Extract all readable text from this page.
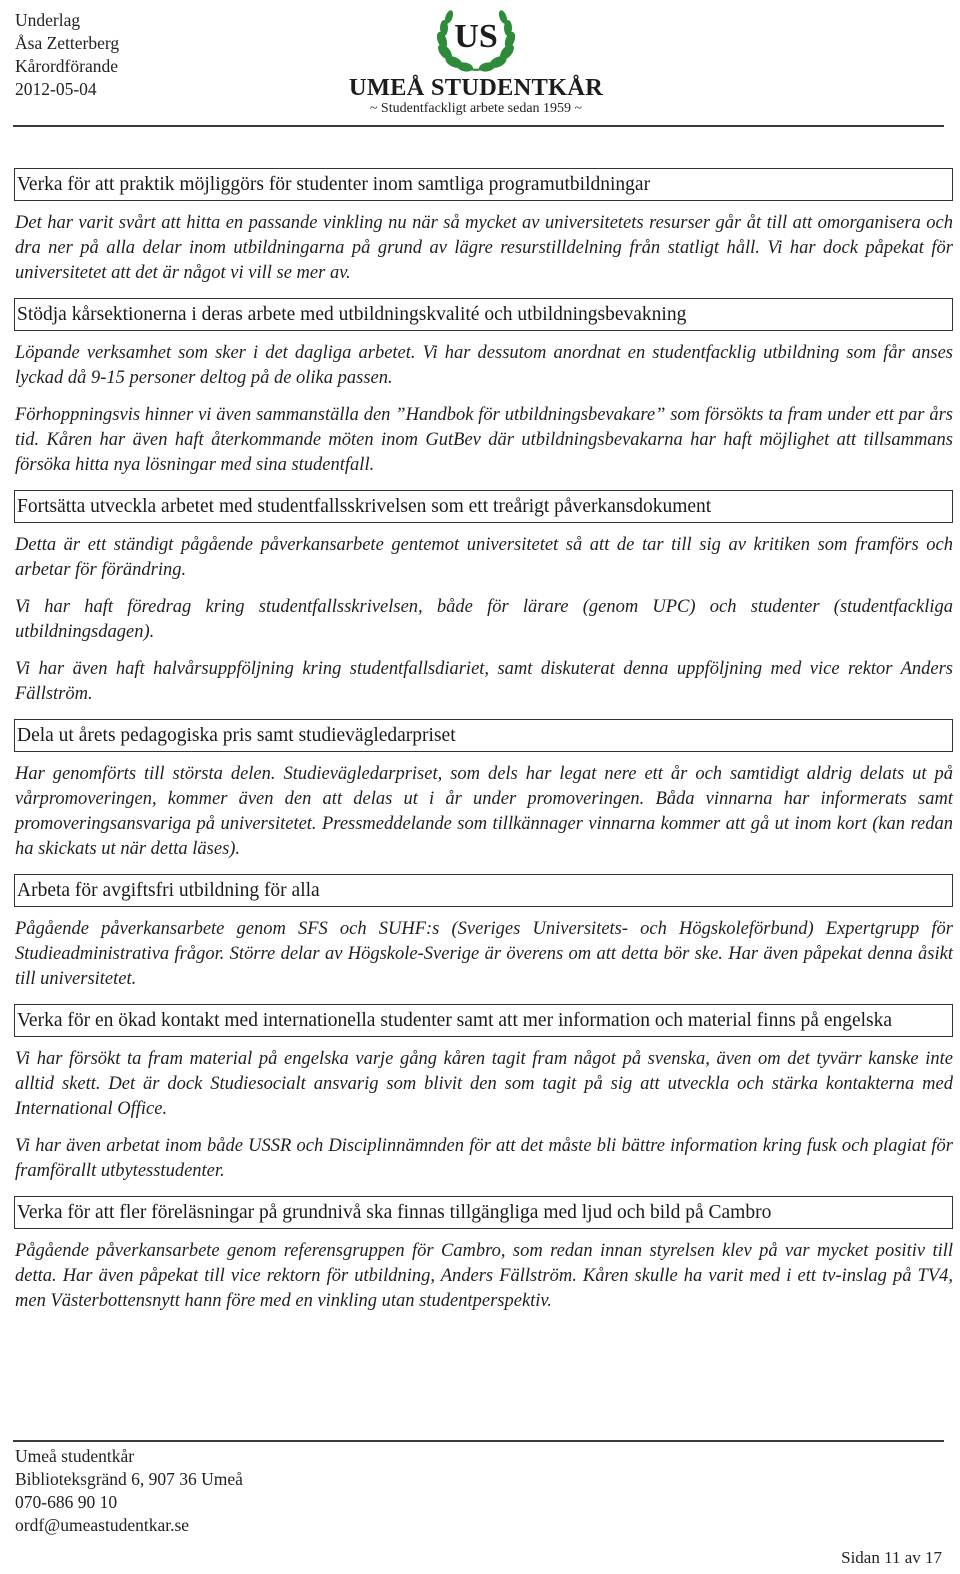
Underlag
Åsa Zetterberg
Kårordförande
2012-05-04
US
UMEÅ STUDENTKÅR
~ Studentfackligt arbete sedan 1959 ~
Verka för att praktik möjliggörs för studenter inom samtliga programutbildningar

Det har varit svårt att hitta en passande vinkling nu när så mycket av universitetets resurser går åt till att omorganisera och dra ner på alla delar inom utbildningarna på grund av lägre resurstilldelning från statligt håll. Vi har dock påpekat för universitetet att det är något vi vill se mer av.

Stödja kårsektionerna i deras arbete med utbildningskvalité och utbildningsbevakning

Löpande verksamhet som sker i det dagliga arbetet. Vi har dessutom anordnat en studentfacklig utbildning som får anses lyckad då 9-15 personer deltog på de olika passen.

Förhoppningsvis hinner vi även sammanställa den ”Handbok för utbildningsbevakare” som försökts ta fram under ett par års tid. Kåren har även haft återkommande möten inom GutBev där utbildningsbevakarna har haft möjlighet att tillsammans försöka hitta nya lösningar med sina studentfall.

Fortsätta utveckla arbetet med studentfallsskrivelsen som ett treårigt påverkansdokument

Detta är ett ständigt pågående påverkansarbete gentemot universitetet så att de tar till sig av kritiken som framförs och arbetar för förändring.

Vi har haft föredrag kring studentfallsskrivelsen, både för lärare (genom UPC) och studenter (studentfackliga utbildningsdagen).

Vi har även haft halvårsuppföljning kring studentfallsdiariet, samt diskuterat denna uppföljning med vice rektor Anders Fällström.

Dela ut årets pedagogiska pris samt studievägledarpriset

Har genomförts till största delen. Studievägledarpriset, som dels har legat nere ett år och samtidigt aldrig delats ut på vårpromoveringen, kommer även den att delas ut i år under promoveringen. Båda vinnarna har informerats samt promoveringsansvariga på universitetet. Pressmeddelande som tillkännager vinnarna kommer att gå ut inom kort (kan redan ha skickats ut när detta läses).

Arbeta för avgiftsfri utbildning för alla

Pågående påverkansarbete genom SFS och SUHF:s (Sveriges Universitets- och Högskoleförbund) Expertgrupp för Studieadministrativa frågor. Större delar av Högskole-Sverige är överens om att detta bör ske. Har även påpekat denna åsikt till universitetet.

Verka för en ökad kontakt med internationella studenter samt att mer information och material finns på engelska

Vi har försökt ta fram material på engelska varje gång kåren tagit fram något på svenska, även om det tyvärr kanske inte alltid skett. Det är dock Studiesocialt ansvarig som blivit den som tagit på sig att utveckla och stärka kontakterna med International Office.

Vi har även arbetat inom både USSR och Disciplinnämnden för att det måste bli bättre information kring fusk och plagiat för framförallt utbytesstudenter.

Verka för att fler föreläsningar på grundnivå ska finnas tillgängliga med ljud och bild på Cambro

Pågående påverkansarbete genom referensgruppen för Cambro, som redan innan styrelsen klev på var mycket positiv till detta. Har även påpekat till vice rektorn för utbildning, Anders Fällström. Kåren skulle ha varit med i ett tv-inslag på TV4, men Västerbottensnytt hann före med en vinkling utan studentperspektiv.

Umeå studentkår
Biblioteksgränd 6, 907 36 Umeå
070-686 90 10
ordf@umeastudentkar.se
Sidan 11 av 17
